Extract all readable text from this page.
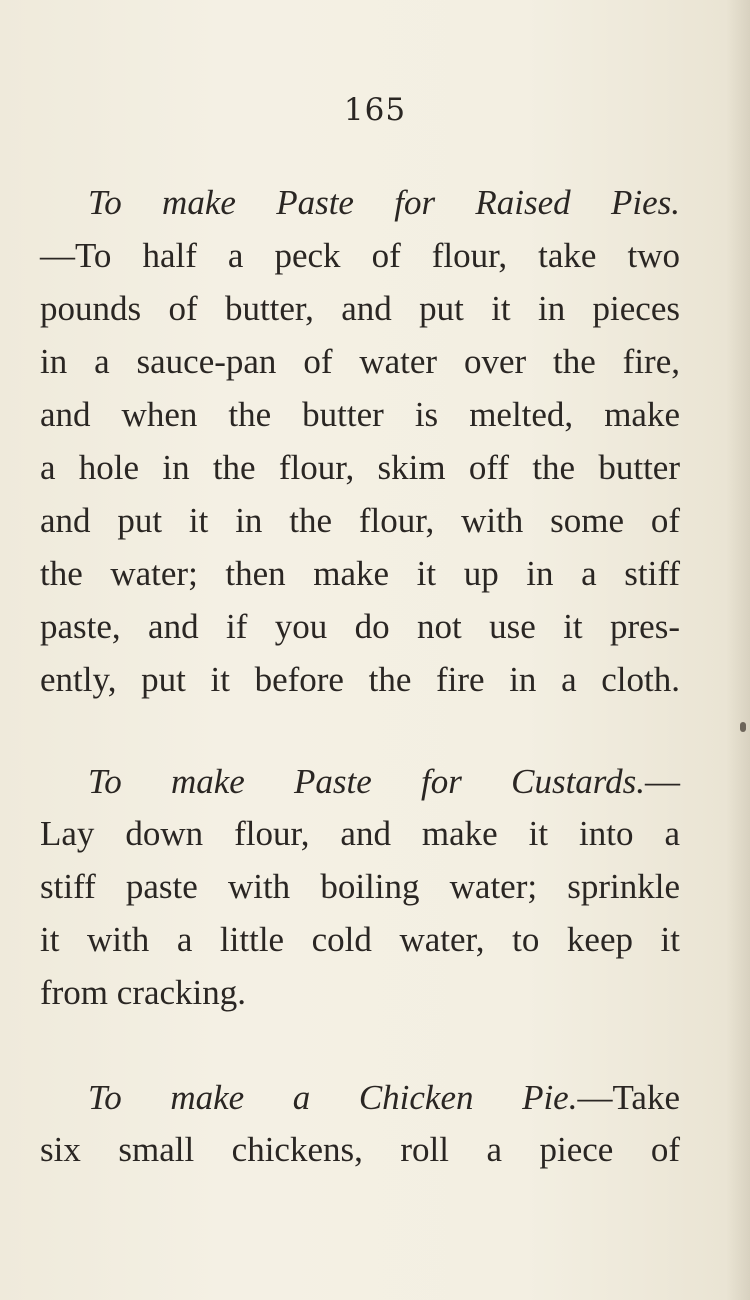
165
To make Paste for Raised Pies.
—To half a peck of flour, take two
pounds of butter, and put it in pieces
in a sauce-pan of water over the fire,
and when the butter is melted, make
a hole in the flour, skim off the butter
and put it in the flour, with some of
the water; then make it up in a stiff
paste, and if you do not use it pres-
ently, put it before the fire in a cloth.
To make Paste for Custards.—
Lay down flour, and make it into a
stiff paste with boiling water; sprinkle
it with a little cold water, to keep it
from cracking.
To make a Chicken Pie.—Take
six small chickens, roll a piece of
